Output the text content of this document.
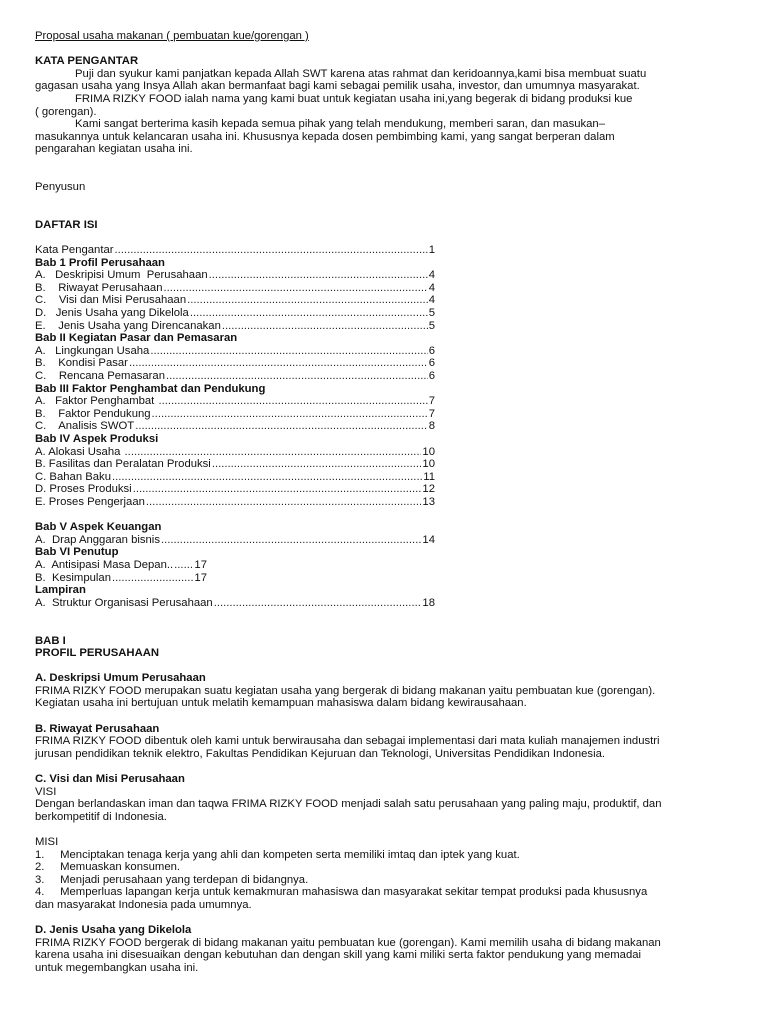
Proposal usaha makanan ( pembuatan kue/gorengan )
KATA PENGANTAR
Puji dan syukur kami panjatkan kepada Allah SWT karena atas rahmat dan keridoannya,kami bisa membuat suatu
gagasan usaha yang Insya Allah akan bermanfaat bagi kami sebagai pemilik usaha, investor, dan umumnya masyarakat.
FRIMA RIZKY FOOD ialah nama yang kami buat untuk kegiatan usaha ini,yang begerak di bidang produksi kue
( gorengan).
Kami sangat berterima kasih kepada semua pihak yang telah mendukung, memberi saran, dan masukan–
masukannya untuk kelancaran usaha ini. Khususnya kepada dosen pembimbing kami, yang sangat berperan dalam
pengarahan kegiatan usaha ini.
Penyusun
DAFTAR ISI
Kata Pengantar .....	1
Bab 1 Profil Perusahaan
A.   Deskripisi Umum  Perusahaan .....	4
B.    Riwayat Perusahaan .....	4
C.    Visi dan Misi Perusahaan .....	4
D.   Jenis Usaha yang Dikelola .....	5
E.    Jenis Usaha yang Direncanakan .....	5
Bab II Kegiatan Pasar dan Pemasaran
A.   Lingkungan Usaha .....	6
B.    Kondisi Pasar .....	6
C.    Rencana Pemasaran .....	6
Bab III Faktor Penghambat dan Pendukung
A.   Faktor Penghambat .....	7
B.    Faktor Pendukung .....	7
C.    Analisis SWOT .....	8
Bab IV Aspek Produksi
A. Alokasi Usaha .....	10
B. Fasilitas dan Peralatan Produksi .....	10
C. Bahan Baku .....	11
D. Proses Produksi .....	12
E. Proses Pengerjaan .....	13
Bab V Aspek Keuangan
A.  Drap Anggaran bisnis .....	14
Bab VI Penutup
A.  Antisipasi Masa Depan.. ..... 17
B.  Kesimpulan .....	17
Lampiran
A.  Struktur Organisasi Perusahaan .....	18
BAB I
PROFIL PERUSAHAAN
A. Deskripsi Umum Perusahaan
FRIMA RIZKY FOOD merupakan suatu kegiatan usaha yang bergerak di bidang makanan yaitu pembuatan kue (gorengan).
Kegiatan usaha ini bertujuan untuk melatih kemampuan mahasiswa dalam bidang kewirausahaan.
B. Riwayat Perusahaan
FRIMA RIZKY FOOD dibentuk oleh kami untuk berwirausaha dan sebagai implementasi dari mata kuliah manajemen industri
jurusan pendidikan teknik elektro, Fakultas Pendidikan Kejuruan dan Teknologi, Universitas Pendidikan Indonesia.
C. Visi dan Misi Perusahaan
VISI
Dengan berlandaskan iman dan taqwa FRIMA RIZKY FOOD menjadi salah satu perusahaan yang paling maju, produktif, dan
berkompetitif di Indonesia.
MISI
1.     Menciptakan tenaga kerja yang ahli dan kompeten serta memiliki imtaq dan iptek yang kuat.
2.     Memuaskan konsumen.
3.     Menjadi perusahaan yang terdepan di bidangnya.
4.     Memperluas lapangan kerja untuk kemakmuran mahasiswa dan masyarakat sekitar tempat produksi pada khususnya
dan masyarakat Indonesia pada umumnya.
D. Jenis Usaha yang Dikelola
FRIMA RIZKY FOOD bergerak di bidang makanan yaitu pembuatan kue (gorengan). Kami memilih usaha di bidang makanan
karena usaha ini disesuaikan dengan kebutuhan dan dengan skill yang kami miliki serta faktor pendukung yang memadai
untuk megembangkan usaha ini.
